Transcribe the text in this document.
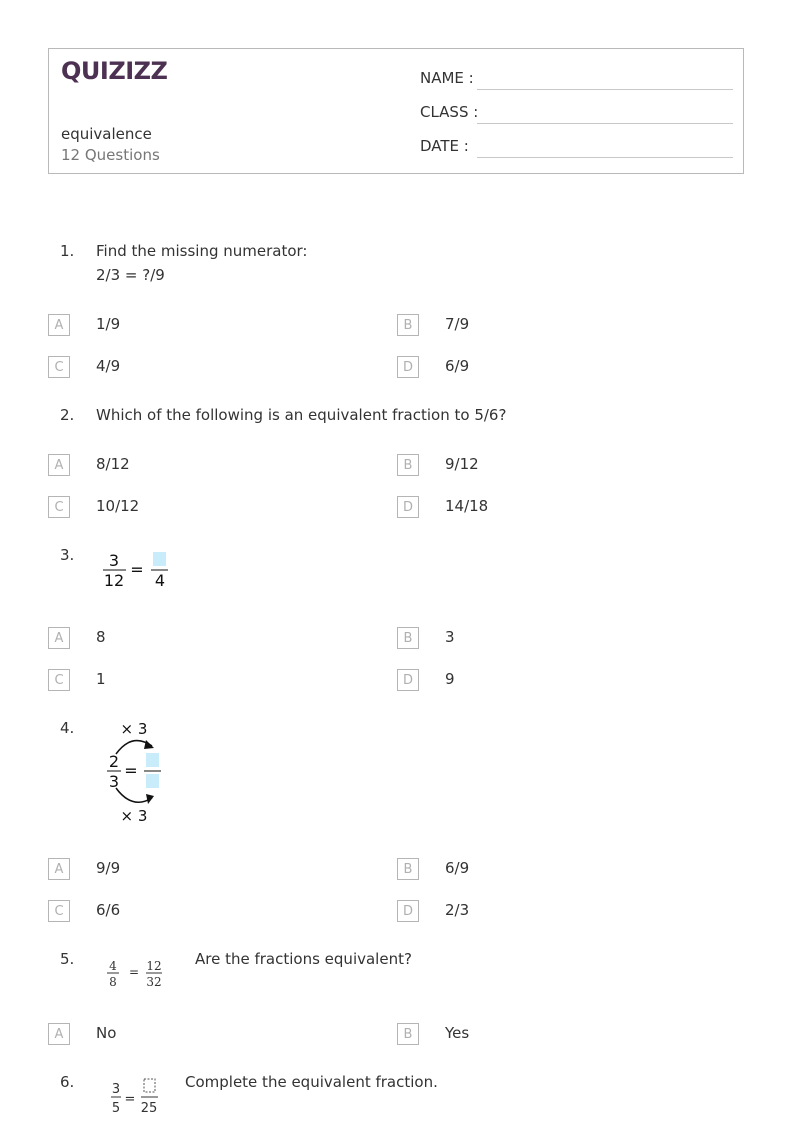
QUIZIZZ
equivalence
12 Questions
NAME :
CLASS :
DATE :
1. Find the missing numerator:
2/3 = ?/9
A	1/9	B	7/9
C	4/9	D	6/9
2. Which of the following is an equivalent fraction to 5/6?
A	8/12	B	9/12
C	10/12	D	14/18
3. 3
12
=
4
A	8	B	3
C	1	D	9
4.	× 3
2
3
=
× 3
A	9/9	B	6/9
C	6/6	D	2/3
5.	4
8
= 12
32
Are the fractions equivalent?
A	No	B	Yes
6.	3
5
=
25
Complete the equivalent fraction.
